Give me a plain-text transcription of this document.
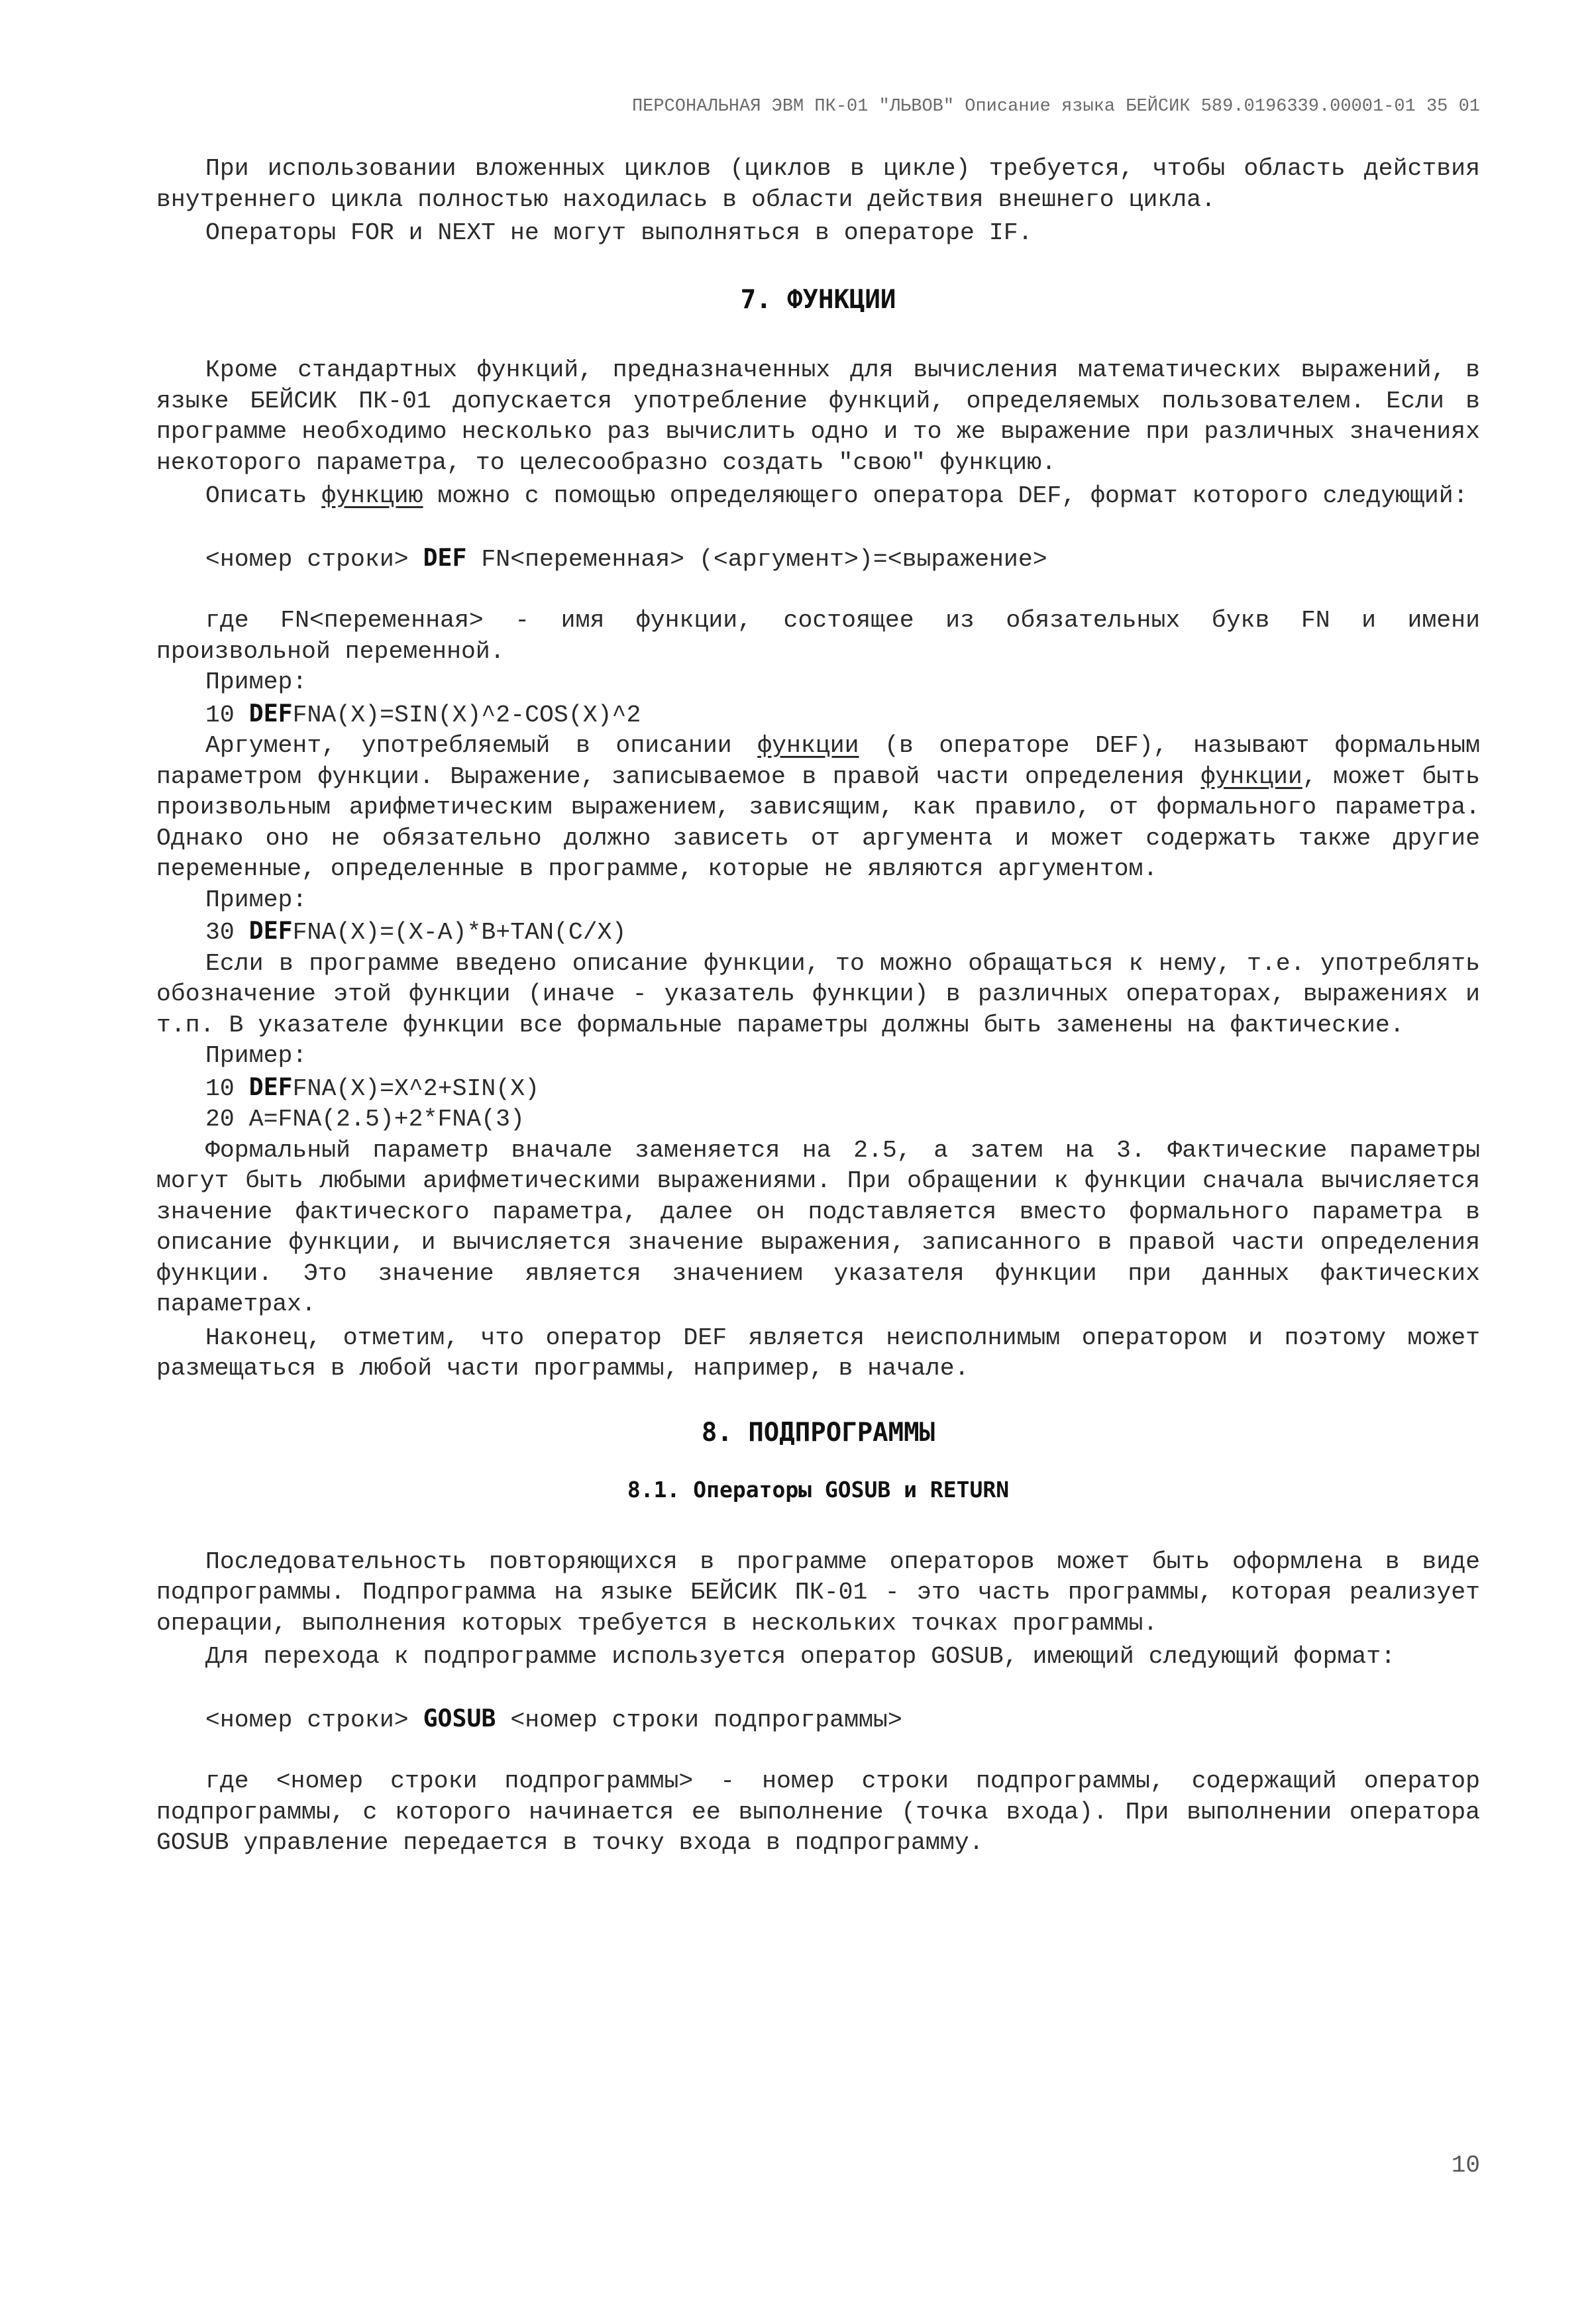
ПЕРСОНАЛЬНАЯ ЭВМ ПК-01 "ЛЬВОВ" Описание языка БЕЙСИК 589.0196339.00001-01 35 01

При использовании вложенных циклов (циклов в цикле) требуется, чтобы область действия внутреннего цикла полностью находилась в области действия внешнего цикла.

Операторы FOR и NEXT не могут выполняться в операторе IF.

7. ФУНКЦИИ

Кроме стандартных функций, предназначенных для вычисления математических выражений, в языке БЕЙСИК ПК-01 допускается употребление функций, определяемых пользователем. Если в программе необходимо несколько раз вычислить одно и то же выражение при различных значениях некоторого параметра, то целесообразно создать "свою" функцию.

Описать функцию можно с помощью определяющего оператора DEF, формат которого следующий:

<номер строки> DEF FN<переменная> (<аргумент>)=<выражение>

где FN<переменная> - имя функции, состоящее из обязательных букв FN и имени произвольной переменной.

Пример:
10 DEFFNA(X)=SIN(X)^2-COS(X)^2

Аргумент, употребляемый в описании функции (в операторе DEF), называют формальным параметром функции. Выражение, записываемое в правой части определения функции, может быть произвольным арифметическим выражением, зависящим, как правило, от формального параметра. Однако оно не обязательно должно зависеть от аргумента и может содержать также другие переменные, определенные в программе, которые не являются аргументом.

Пример:
30 DEFFNA(X)=(X-A)*B+TAN(C/X)

Если в программе введено описание функции, то можно обращаться к нему, т.е. употреблять обозначение этой функции (иначе - указатель функции) в различных операторах, выражениях и т.п. В указателе функции все формальные параметры должны быть заменены на фактические.

Пример:
10 DEFFNA(X)=X^2+SIN(X)
20 A=FNA(2.5)+2*FNA(3)

Формальный параметр вначале заменяется на 2.5, а затем на 3. Фактические параметры могут быть любыми арифметическими выражениями. При обращении к функции сначала вычисляется значение фактического параметра, далее он подставляется вместо формального параметра в описание функции, и вычисляется значение выражения, записанного в правой части определения функции. Это значение является значением указателя функции при данных фактических параметрах.

Наконец, отметим, что оператор DEF является неисполнимым оператором и поэтому может размещаться в любой части программы, например, в начале.

8. ПОДПРОГРАММЫ
8.1. Операторы GOSUB и RETURN

Последовательность повторяющихся в программе операторов может быть оформлена в виде подпрограммы. Подпрограмма на языке БЕЙСИК ПК-01 - это часть программы, которая реализует операции, выполнения которых требуется в нескольких точках программы.

Для перехода к подпрограмме используется оператор GOSUB, имеющий следующий формат:

<номер строки> GOSUB <номер строки подпрограммы>

где <номер строки подпрограммы> - номер строки подпрограммы, содержащий оператор подпрограммы, с которого начинается ее выполнение (точка входа). При выполнении оператора GOSUB управление передается в точку входа в подпрограмму.

10
